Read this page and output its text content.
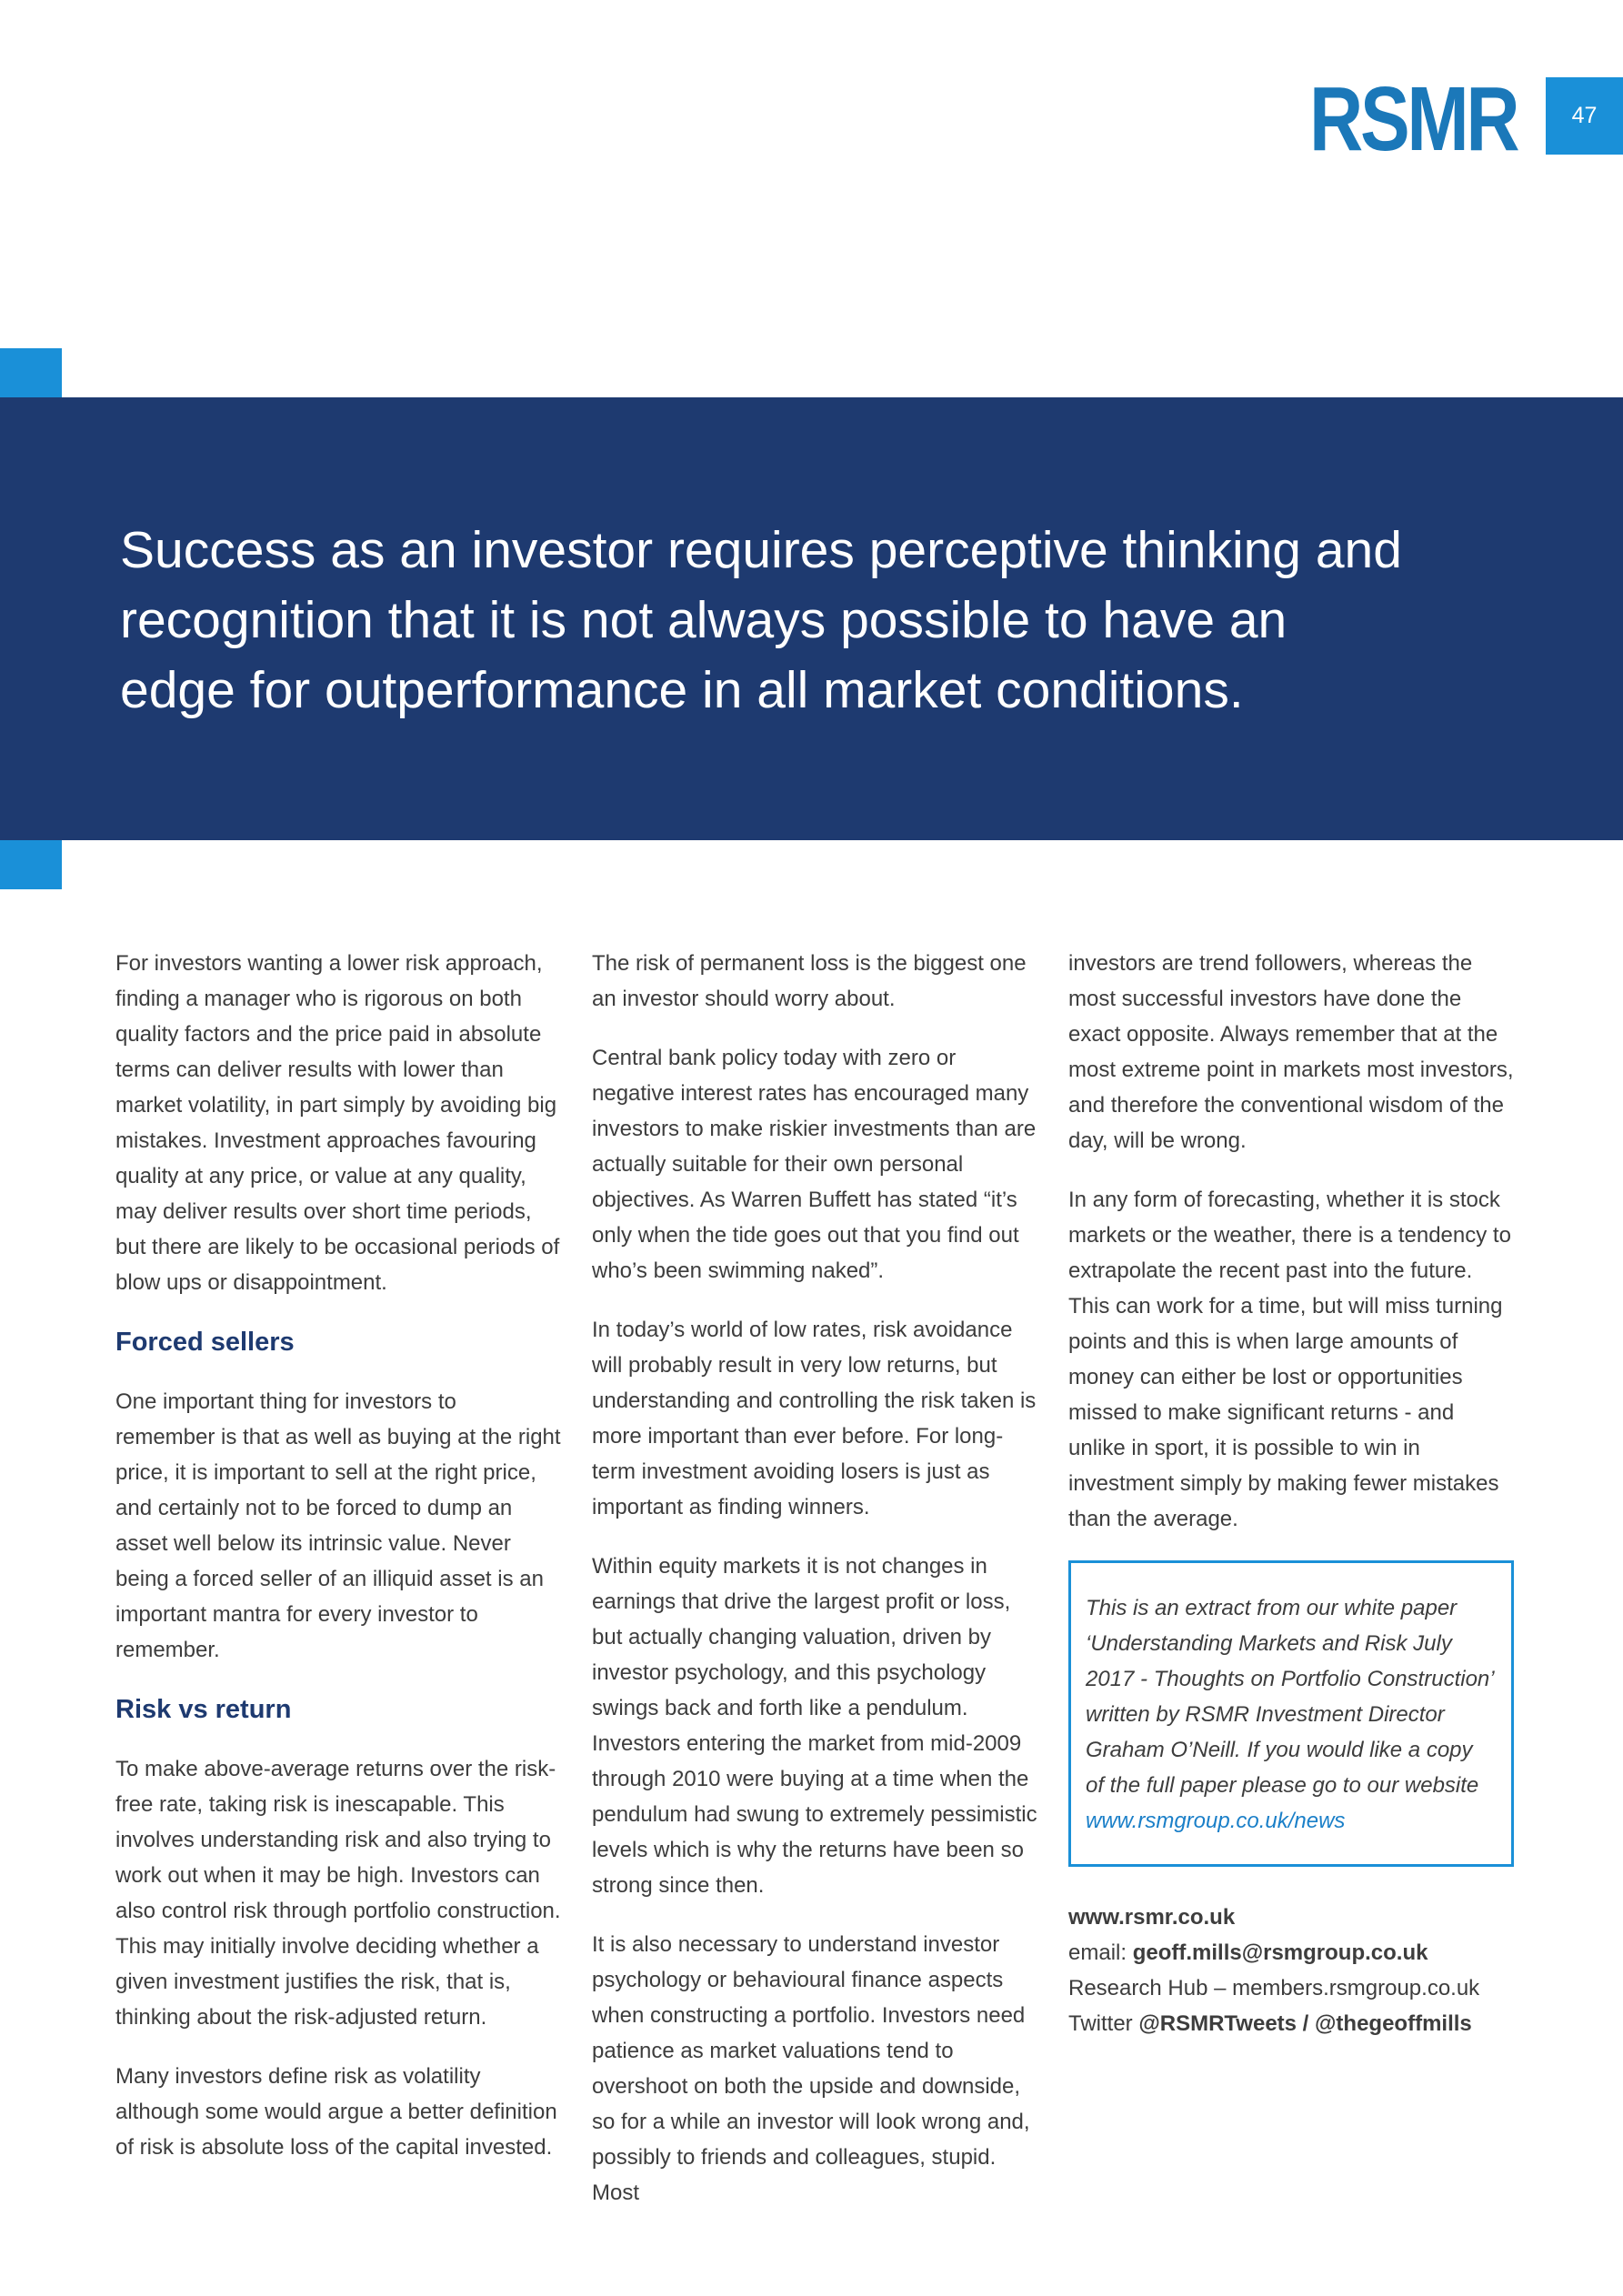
RSMR	47
Success as an investor requires perceptive thinking and recognition that it is not always possible to have an edge for outperformance in all market conditions.

For investors wanting a lower risk approach, finding a manager who is rigorous on both quality factors and the price paid in absolute terms can deliver results with lower than market volatility, in part simply by avoiding big mistakes. Investment approaches favouring quality at any price, or value at any quality, may deliver results over short time periods, but there are likely to be occasional periods of blow ups or disappointment.

Forced sellers

One important thing for investors to remember is that as well as buying at the right price, it is important to sell at the right price, and certainly not to be forced to dump an asset well below its intrinsic value. Never being a forced seller of an illiquid asset is an important mantra for every investor to remember.

Risk vs return

To make above-average returns over the risk-free rate, taking risk is inescapable. This involves understanding risk and also trying to work out when it may be high. Investors can also control risk through portfolio construction. This may initially involve deciding whether a given investment justifies the risk, that is, thinking about the risk-adjusted return.

Many investors define risk as volatility although some would argue a better definition of risk is absolute loss of the capital invested.

The risk of permanent loss is the biggest one an investor should worry about.

Central bank policy today with zero or negative interest rates has encouraged many investors to make riskier investments than are actually suitable for their own personal objectives. As Warren Buffett has stated “it’s only when the tide goes out that you find out who’s been swimming naked”.

In today’s world of low rates, risk avoidance will probably result in very low returns, but understanding and controlling the risk taken is more important than ever before. For long-term investment avoiding losers is just as important as finding winners.

Within equity markets it is not changes in earnings that drive the largest profit or loss, but actually changing valuation, driven by investor psychology, and this psychology swings back and forth like a pendulum. Investors entering the market from mid-2009 through 2010 were buying at a time when the pendulum had swung to extremely pessimistic levels which is why the returns have been so strong since then.

It is also necessary to understand investor psychology or behavioural finance aspects when constructing a portfolio. Investors need patience as market valuations tend to overshoot on both the upside and downside, so for a while an investor will look wrong and, possibly to friends and colleagues, stupid. Most

investors are trend followers, whereas the most successful investors have done the exact opposite. Always remember that at the most extreme point in markets most investors, and therefore the conventional wisdom of the day, will be wrong.

In any form of forecasting, whether it is stock markets or the weather, there is a tendency to extrapolate the recent past into the future. This can work for a time, but will miss turning points and this is when large amounts of money can either be lost or opportunities missed to make significant returns - and unlike in sport, it is possible to win in investment simply by making fewer mistakes than the average.

This is an extract from our white paper ‘Understanding Markets and Risk July 2017 - Thoughts on Portfolio Construction’ written by RSMR Investment Director Graham O’Neill. If you would like a copy of the full paper please go to our website www.rsmgroup.co.uk/news
www.rsmr.co.uk
email: geoff.mills@rsmgroup.co.uk
Research Hub – members.rsmgroup.co.uk
Twitter @RSMRTweets / @thegeoffmills
